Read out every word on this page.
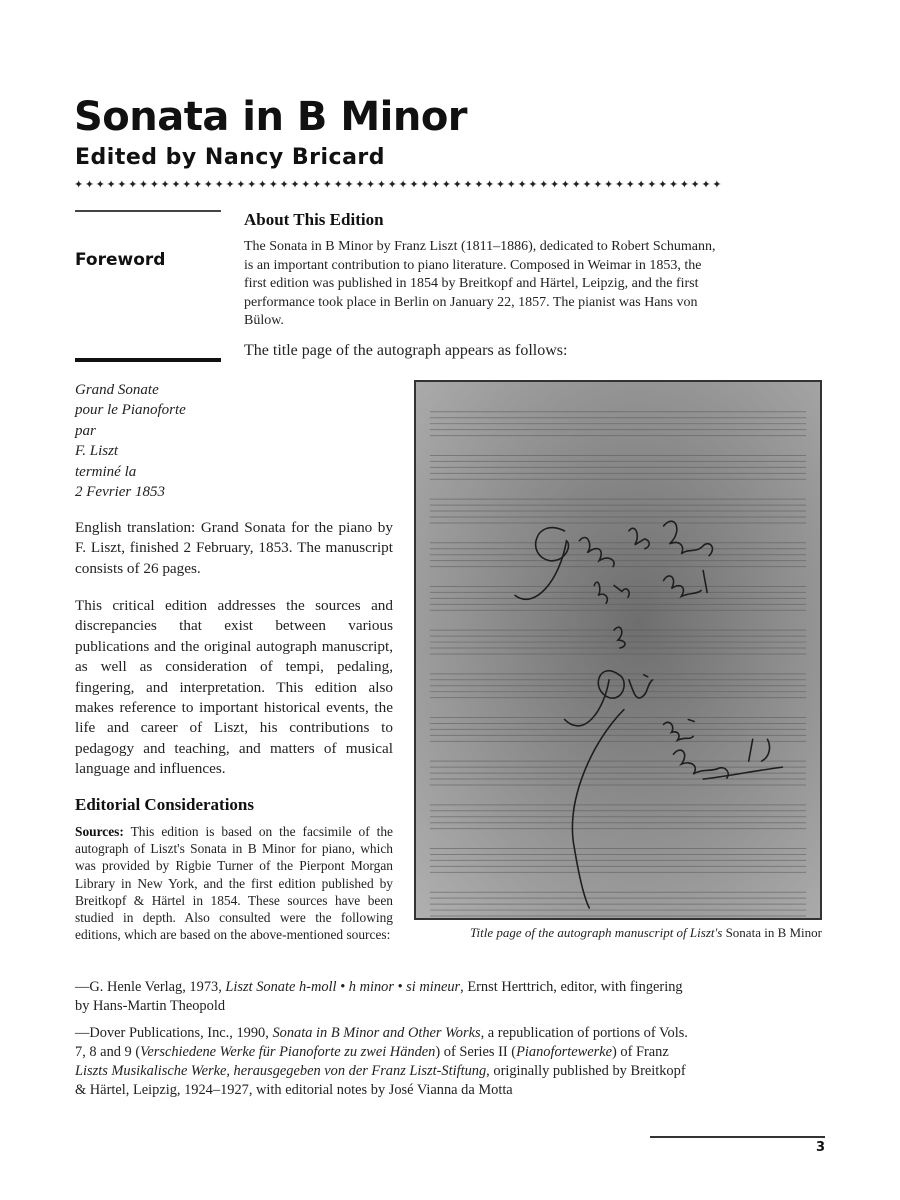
Sonata in B Minor
Edited by Nancy Bricard
✦✦✦✦✦✦✦✦✦✦✦✦✦✦✦✦✦✦✦✦✦✦✦✦✦✦✦✦✦✦✦✦✦✦✦✦✦✦✦✦✦✦✦✦✦✦✦✦✦✦✦✦✦✦✦✦✦✦✦✦
Foreword
About This Edition
The Sonata in B Minor by Franz Liszt (1811–1886), dedicated to Robert Schumann, is an important contribution to piano literature. Composed in Weimar in 1853, the first edition was published in 1854 by Breitkopf and Härtel, Leipzig, and the first performance took place in Berlin on January 22, 1857. The pianist was Hans von Bülow.
The title page of the autograph appears as follows:
Grand Sonate
pour le Pianoforte
par
F. Liszt
terminé la
2 Fevrier 1853
English translation: Grand Sonata for the piano by F. Liszt, finished 2 February, 1853. The manuscript consists of 26 pages.
This critical edition addresses the sources and discrepancies that exist between various publications and the original autograph manuscript, as well as consideration of tempi, pedaling, fingering, and interpretation. This edition also makes reference to important historical events, the life and career of Liszt, his contributions to pedagogy and teaching, and matters of musical language and influences.
Editorial Considerations
Sources: This edition is based on the facsimile of the autograph of Liszt's Sonata in B Minor for piano, which was provided by Rigbie Turner of the Pierpont Morgan Library in New York, and the first edition published by Breitkopf & Härtel in 1854. These sources have been studied in depth. Also consulted were the following editions, which are based on the above-mentioned sources:
—G. Henle Verlag, 1973, Liszt Sonate h-moll • h minor • si mineur, Ernst Herttrich, editor, with fingering by Hans-Martin Theopold
—Dover Publications, Inc., 1990, Sonata in B Minor and Other Works, a republication of portions of Vols. 7, 8 and 9 (Verschiedene Werke für Pianoforte zu zwei Händen) of Series II (Pianofortewerke) of Franz Liszts Musikalische Werke, herausgegeben von der Franz Liszt-Stiftung, originally published by Breitkopf & Härtel, Leipzig, 1924–1927, with editorial notes by José Vianna da Motta
Title page of the autograph manuscript of Liszt's Sonata in B Minor
3
